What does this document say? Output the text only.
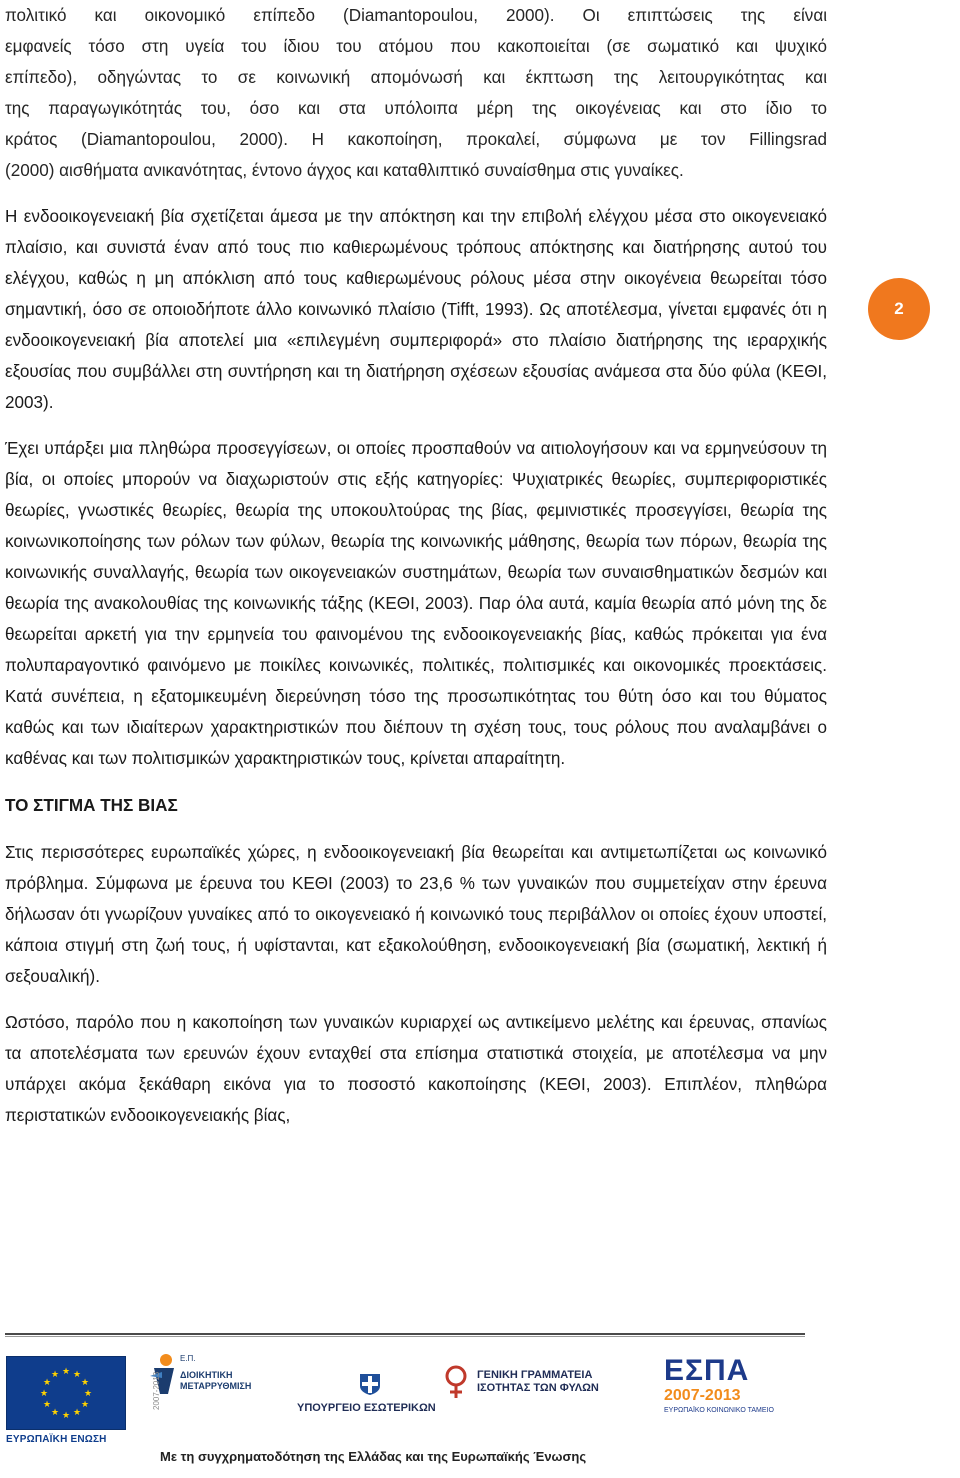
πολιτικό και οικονομικό επίπεδο (Diamantopoulou, 2000). Οι επιπτώσεις της είναι
εμφανείς τόσο στη υγεία του ίδιου του ατόμου που κακοποιείται (σε σωματικό και ψυχικό
επίπεδο), οδηγώντας το σε κοινωνική απομόνωσή και έκπτωση της λειτουργικότητας και
της παραγωγικότητάς του, όσο και στα υπόλοιπα μέρη της οικογένειας και στο ίδιο το
κράτος (Diamantopoulou, 2000). Η κακοποίηση, προκαλεί, σύμφωνα με τον Fillingsrad
(2000) αισθήματα ανικανότητας, έντονο άγχος και καταθλιπτικό συναίσθημα στις γυναίκες.

Η ενδοοικογενειακή βία σχετίζεται άμεσα με την απόκτηση και την επιβολή ελέγχου μέσα στο οικογενειακό πλαίσιο, και συνιστά έναν από τους πιο καθιερωμένους τρόπους απόκτησης και διατήρησης αυτού του ελέγχου, καθώς η μη απόκλιση από τους καθιερωμένους ρόλους μέσα στην οικογένεια θεωρείται τόσο σημαντική, όσο σε οποιοδήποτε άλλο κοινωνικό πλαίσιο (Tifft, 1993). Ως αποτέλεσμα, γίνεται εμφανές ότι η ενδοοικογενειακή βία αποτελεί μια «επιλεγμένη συμπεριφορά» στο πλαίσιο διατήρησης της ιεραρχικής εξουσίας που συμβάλλει στη συντήρηση και τη διατήρηση σχέσεων εξουσίας ανάμεσα στα δύο φύλα (ΚΕΘΙ, 2003).

Έχει υπάρξει μια πληθώρα προσεγγίσεων, οι οποίες προσπαθούν να αιτιολογήσουν και να ερμηνεύσουν τη βία, οι οποίες μπορούν να διαχωριστούν στις εξής κατηγορίες: Ψυχιατρικές θεωρίες, συμπεριφοριστικές θεωρίες, γνωστικές θεωρίες, θεωρία της υποκουλτούρας της βίας, φεμινιστικές προσεγγίσει, θεωρία της κοινωνικοποίησης των ρόλων των φύλων, θεωρία της κοινωνικής μάθησης, θεωρία των πόρων, θεωρία της κοινωνικής συναλλαγής, θεωρία των οικογενειακών συστημάτων, θεωρία των συναισθηματικών δεσμών και θεωρία της ανακολουθίας της κοινωνικής τάξης (ΚΕΘΙ, 2003). Παρ όλα αυτά, καμία θεωρία από μόνη της δε θεωρείται αρκετή για την ερμηνεία του φαινομένου της ενδοοικογενειακής βίας, καθώς πρόκειται για ένα πολυπαραγοντικό φαινόμενο με ποικίλες κοινωνικές, πολιτικές, πολιτισμικές και οικονομικές προεκτάσεις. Κατά συνέπεια, η εξατομικευμένη διερεύνηση τόσο της προσωπικότητας του θύτη όσο και του θύματος καθώς και των ιδιαίτερων χαρακτηριστικών που διέπουν τη σχέση τους, τους ρόλους που αναλαμβάνει ο καθένας και των πολιτισμικών χαρακτηριστικών τους, κρίνεται απαραίτητη.

ΤΟ ΣΤΙΓΜΑ ΤΗΣ ΒΙΑΣ

Στις περισσότερες ευρωπαϊκές χώρες, η ενδοοικογενειακή βία θεωρείται και αντιμετωπίζεται ως κοινωνικό πρόβλημα. Σύμφωνα με έρευνα του ΚΕΘΙ (2003) το 23,6 % των γυναικών που συμμετείχαν στην έρευνα δήλωσαν ότι γνωρίζουν γυναίκες από το οικογενειακό ή κοινωνικό τους περιβάλλον οι οποίες έχουν υποστεί, κάποια στιγμή στη ζωή τους, ή υφίστανται, κατ εξακολούθηση, ενδοοικογενειακή βία (σωματική, λεκτική ή σεξουαλική).

Ωστόσο, παρόλο που η κακοποίηση των γυναικών κυριαρχεί ως αντικείμενο μελέτης και έρευνας, σπανίως τα αποτελέσματα των ερευνών έχουν ενταχθεί στα επίσημα στατιστικά στοιχεία, με αποτέλεσμα να μην υπάρχει ακόμα ξεκάθαρη εικόνα για το ποσοστό κακοποίησης (ΚΕΘΙ, 2003). Επιπλέον, πληθώρα περιστατικών ενδοοικογενειακής βίας,

2
★ ★
★
★
★
★
★
★
★
★
★
★
ΕΥΡΩΠΑΪΚΗ ΕΝΩΣΗ
Ε.Π.
ΔΙΟΙΚΗΤΙΚΗ
ΜΕΤΑΡΡΥΘΜΙΣΗ
2007-2013	ΥΠΟΥΡΓΕΙΟ ΕΣΩΤΕΡΙΚΩΝ
ΓΕΝΙΚΗ ΓΡΑΜΜΑΤΕΙΑ
ΙΣΟΤΗΤΑΣ ΤΩΝ ΦΥΛΩΝ
ΕΣΠΑ
2007-2013
ΕΥΡΩΠΑΪΚΟ ΚΟΙΝΩΝΙΚΟ ΤΑΜΕΙΟ
Με τη συγχρηματοδότηση της Ελλάδας και της Ευρωπαϊκής Ένωσης
